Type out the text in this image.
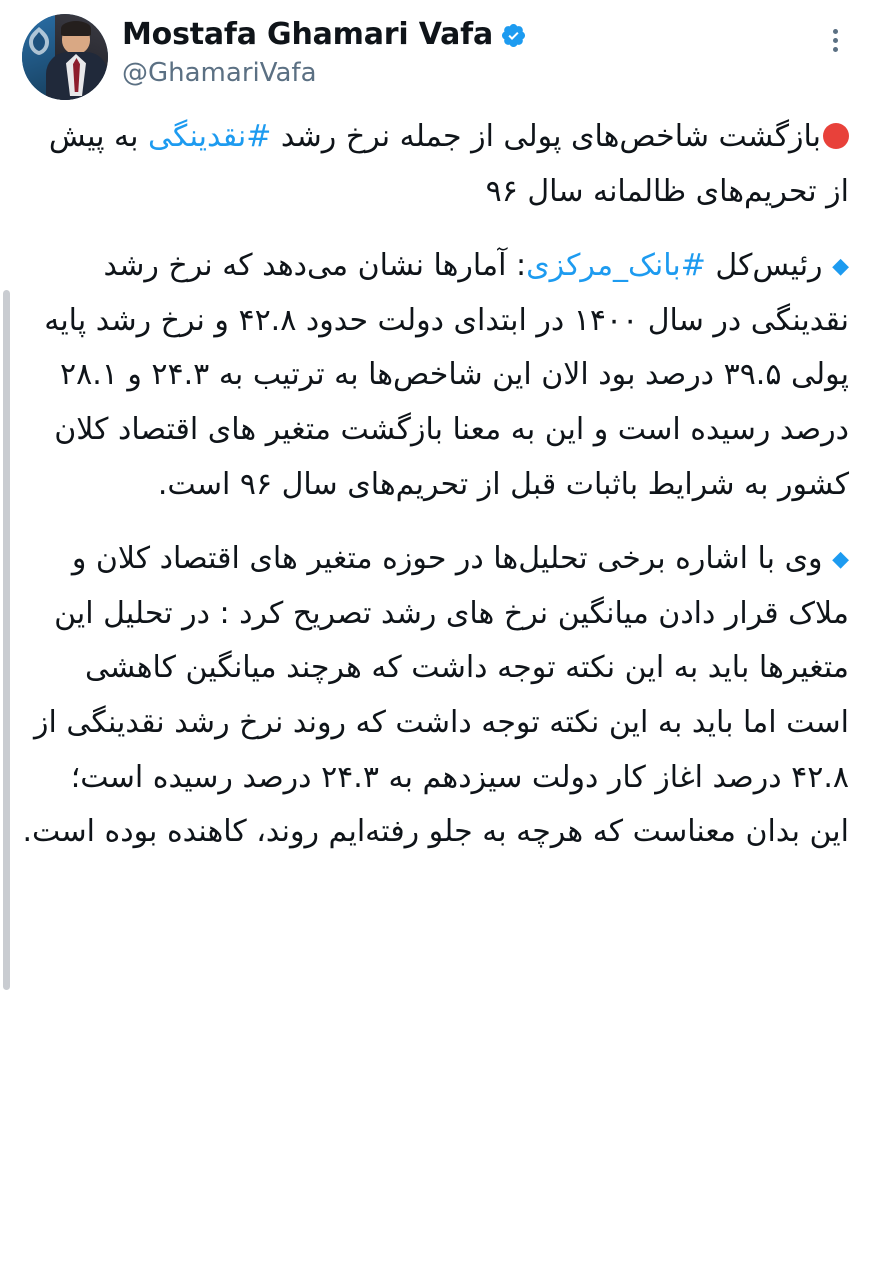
Mostafa Ghamari Vafa
@GhamariVafa

بازگشت شاخص‌های پولی از جمله نرخ رشد #نقدینگی به پیش از تحریم‌های ظالمانه سال ۹۶

◆ رئیس‌کل #بانک_مرکزی: آمارها نشان می‌دهد که نرخ رشد نقدینگی در سال ۱۴۰۰ در ابتدای دولت حدود ۴۲.۸ و نرخ رشد پایه پولی ۳۹.۵ درصد بود الان این شاخص‌ها به ترتیب به ۲۴.۳ و ۲۸.۱ درصد رسیده است و این به معنا بازگشت متغیر های اقتصاد کلان کشور به شرایط باثبات قبل از تحریم‌های سال ۹۶ است.

◆ وی با اشاره برخی تحلیل‌ها در حوزه متغیر های اقتصاد کلان و ملاک قرار دادن میانگین نرخ های رشد تصریح کرد : در تحلیل این متغیرها باید به این نکته توجه داشت که هرچند میانگین کاهشی است اما باید به این نکته توجه داشت که روند نرخ رشد نقدینگی از ۴۲.۸ درصد اغاز کار دولت سیزدهم به ۲۴.۳ درصد رسیده است؛ این بدان معناست که هرچه به جلو رفته‌ایم روند، کاهنده بوده است.
